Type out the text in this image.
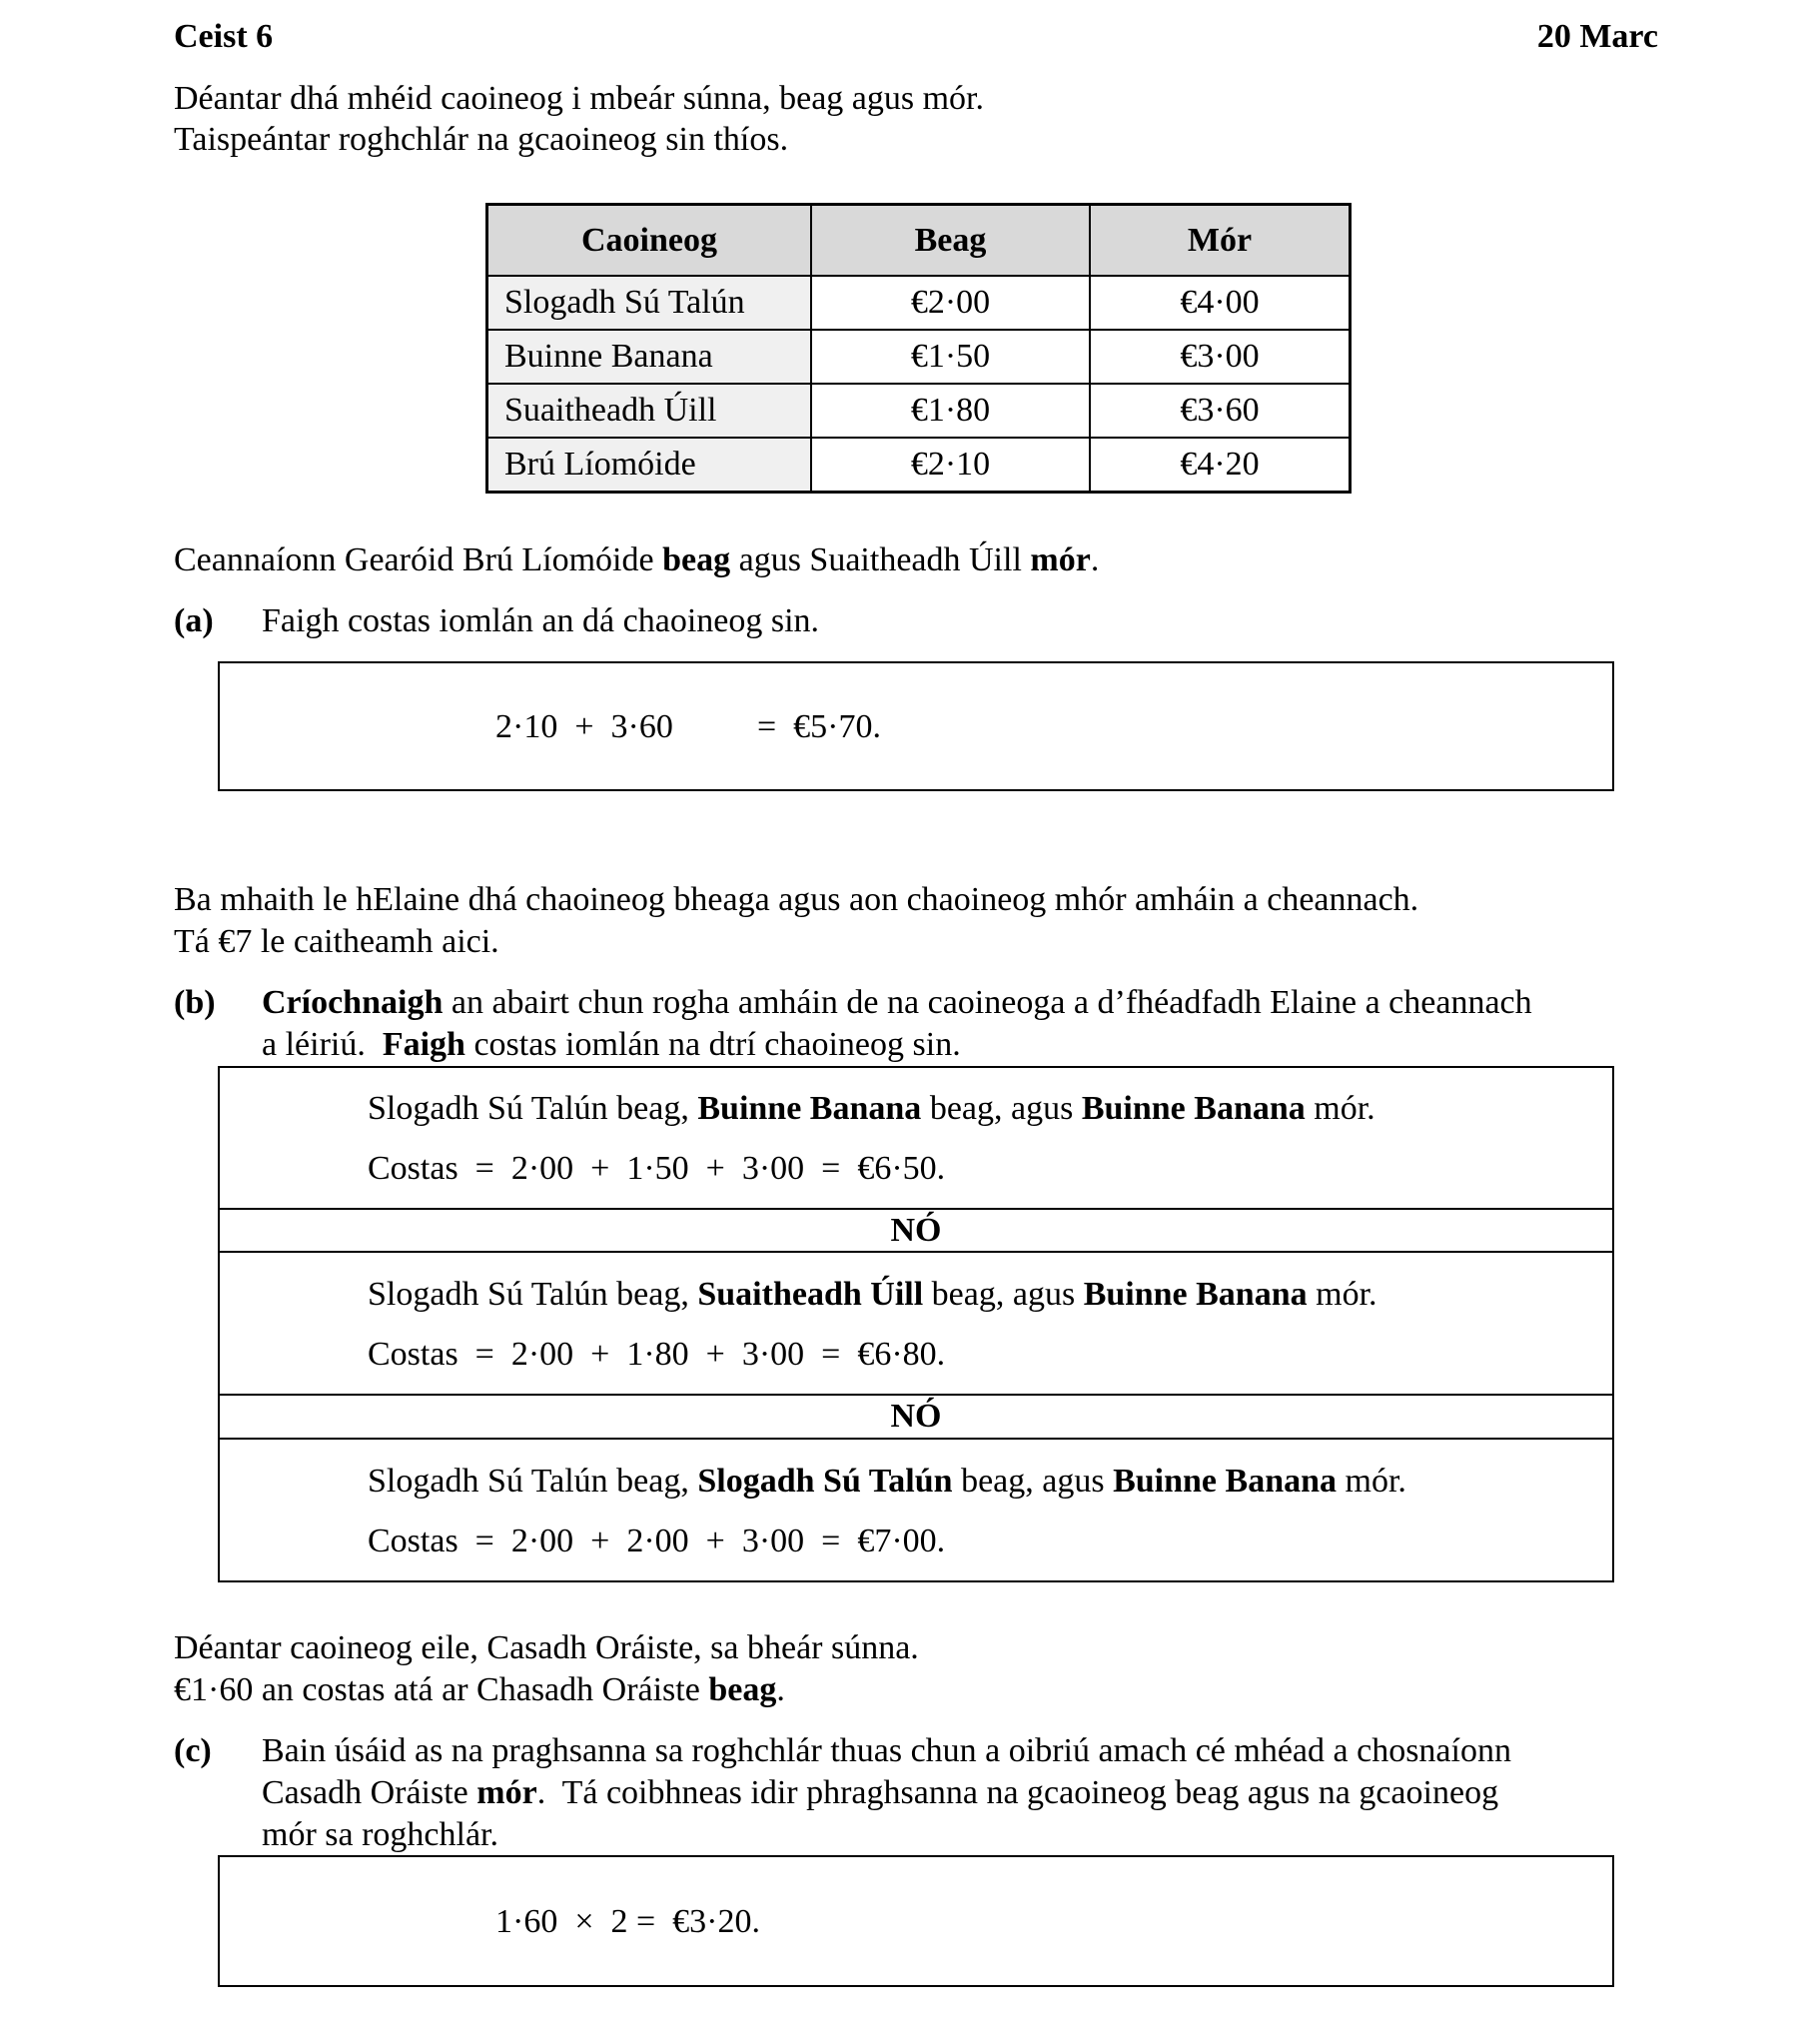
Ceist 6	20 Marc
Déantar dhá mhéid caoineog i mbeár súnna, beag agus mór.
Taispeántar roghchlár na gcaoineog sin thíos.
Caoineog	Beag	Mór
Slogadh Sú Talún	€2·00	€4·00
Buinne Banana	€1·50	€3·00
Suaitheadh Úill	€1·80	€3·60
Brú Líomóide	€2·10	€4·20
Ceannaíonn Gearóid Brú Líomóide beag agus Suaitheadh Úill mór.
(a) Faigh costas iomlán an dá chaoineog sin.
2·10  +  3·60 =  €5·70.
Ba mhaith le hElaine dhá chaoineog bheaga agus aon chaoineog mhór amháin a cheannach.
Tá €7 le caitheamh aici.
(b) Críochnaigh an abairt chun rogha amháin de na caoineoga a d’fhéadfadh Elaine a cheannach
a léiriú.  Faigh costas iomlán na dtrí chaoineog sin.
Slogadh Sú Talún beag, Buinne Banana beag, agus Buinne Banana mór.
Costas  =  2·00  +  1·50  +  3·00  =  €6·50.
NÓ
Slogadh Sú Talún beag, Suaitheadh Úill beag, agus Buinne Banana mór.
Costas  =  2·00  +  1·80  +  3·00  =  €6·80.
NÓ
Slogadh Sú Talún beag, Slogadh Sú Talún beag, agus Buinne Banana mór.
Costas  =  2·00  +  2·00  +  3·00  =  €7·00.
Déantar caoineog eile, Casadh Oráiste, sa bheár súnna.
€1·60 an costas atá ar Chasadh Oráiste beag.
(c) Bain úsáid as na praghsanna sa roghchlár thuas chun a oibriú amach cé mhéad a chosnaíonn
Casadh Oráiste mór.  Tá coibhneas idir phraghsanna na gcaoineog beag agus na gcaoineog
mór sa roghchlár.
1·60  ×  2 =  €3·20.
